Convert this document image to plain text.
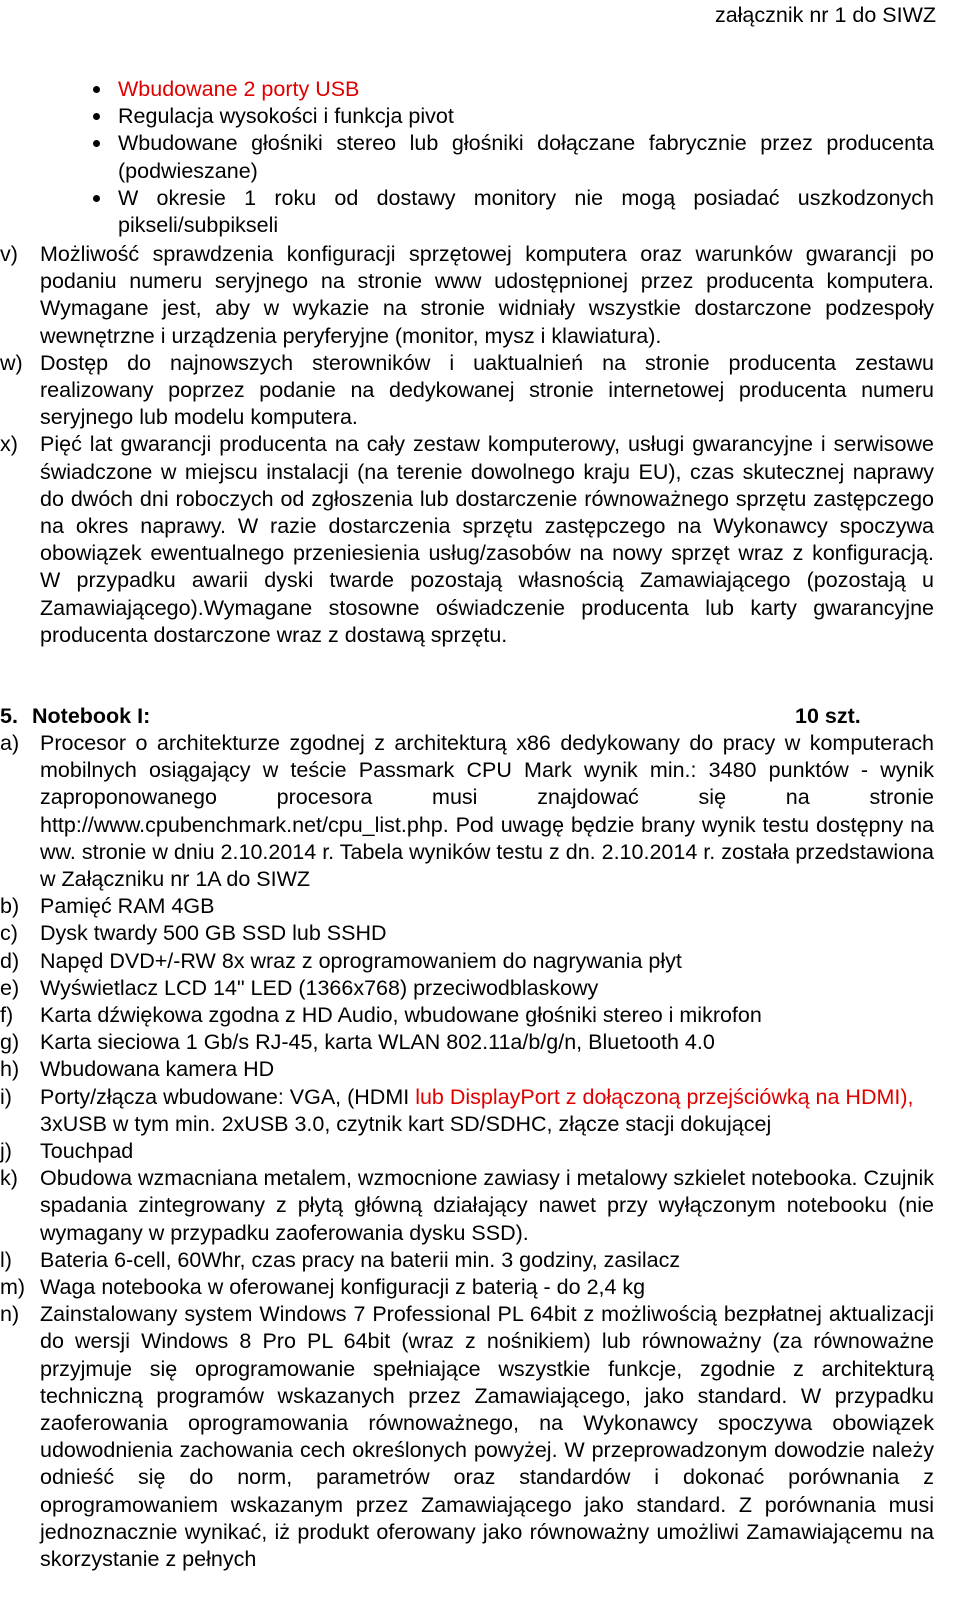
załącznik nr 1 do SIWZ
Wbudowane 2 porty USB
Regulacja wysokości i funkcja pivot
Wbudowane głośniki stereo lub głośniki dołączane fabrycznie przez producenta (podwieszane)
W okresie 1 roku od dostawy monitory nie mogą posiadać uszkodzonych pikseli/subpikseli
v) Możliwość sprawdzenia konfiguracji sprzętowej komputera oraz warunków gwarancji po podaniu numeru seryjnego na stronie www udostępnionej przez producenta komputera. Wymagane jest, aby w wykazie na stronie widniały wszystkie dostarczone podzespoły wewnętrzne i urządzenia peryferyjne (monitor, mysz i klawiatura).
w) Dostęp do najnowszych sterowników i uaktualnień na stronie producenta zestawu realizowany poprzez podanie na dedykowanej stronie internetowej producenta numeru seryjnego lub modelu komputera.
x) Pięć lat gwarancji producenta na cały zestaw komputerowy, usługi gwarancyjne i serwisowe świadczone w miejscu instalacji (na terenie dowolnego kraju EU), czas skutecznej naprawy do dwóch dni roboczych od zgłoszenia lub dostarczenie równoważnego sprzętu zastępczego na okres naprawy. W razie dostarczenia sprzętu zastępczego na Wykonawcy spoczywa obowiązek ewentualnego przeniesienia usług/zasobów na nowy sprzęt wraz z konfiguracją. W przypadku awarii dyski twarde pozostają własnością Zamawiającego (pozostają u Zamawiającego).Wymagane stosowne oświadczenie producenta lub karty gwarancyjne producenta dostarczone wraz z dostawą sprzętu.
5. Notebook I:	10 szt.
a) Procesor o architekturze zgodnej z architekturą x86 dedykowany do pracy w komputerach mobilnych osiągający w teście Passmark CPU Mark wynik min.: 3480 punktów - wynik zaproponowanego procesora musi znajdować się na stronie http://www.cpubenchmark.net/cpu_list.php. Pod uwagę będzie brany wynik testu dostępny na ww. stronie w dniu 2.10.2014 r. Tabela wyników testu z dn. 2.10.2014 r. została przedstawiona w Załączniku nr 1A do SIWZ
b) Pamięć RAM 4GB
c) Dysk twardy 500 GB SSD lub SSHD
d) Napęd DVD+/-RW 8x wraz z oprogramowaniem do nagrywania płyt
e) Wyświetlacz LCD 14" LED (1366x768) przeciwodblaskowy
f) Karta dźwiękowa zgodna z HD Audio, wbudowane głośniki stereo i mikrofon
g) Karta sieciowa 1 Gb/s RJ-45, karta WLAN 802.11a/b/g/n, Bluetooth 4.0
h) Wbudowana kamera HD
i) Porty/złącza wbudowane: VGA, (HDMI lub DisplayPort z dołączoną przejściówką na HDMI), 3xUSB w tym min. 2xUSB 3.0, czytnik kart SD/SDHC, złącze stacji dokującej
j) Touchpad
k) Obudowa wzmacniana metalem, wzmocnione zawiasy i metalowy szkielet notebooka. Czujnik spadania zintegrowany z płytą główną działający nawet przy wyłączonym notebooku (nie wymagany w przypadku zaoferowania dysku SSD).
l) Bateria 6-cell, 60Whr, czas pracy na baterii min. 3 godziny, zasilacz
m) Waga notebooka w oferowanej konfiguracji z baterią - do 2,4 kg
n) Zainstalowany system Windows 7 Professional PL 64bit z możliwością bezpłatnej aktualizacji do wersji Windows 8 Pro PL 64bit (wraz z nośnikiem) lub równoważny (za równoważne przyjmuje się oprogramowanie spełniające wszystkie funkcje, zgodnie z architekturą techniczną programów wskazanych przez Zamawiającego, jako standard. W przypadku zaoferowania oprogramowania równoważnego, na Wykonawcy spoczywa obowiązek udowodnienia zachowania cech określonych powyżej. W przeprowadzonym dowodzie należy odnieść się do norm, parametrów oraz standardów i dokonać porównania z oprogramowaniem wskazanym przez Zamawiającego jako standard. Z porównania musi jednoznacznie wynikać, iż produkt oferowany jako równoważny umożliwi Zamawiającemu na skorzystanie z pełnych
